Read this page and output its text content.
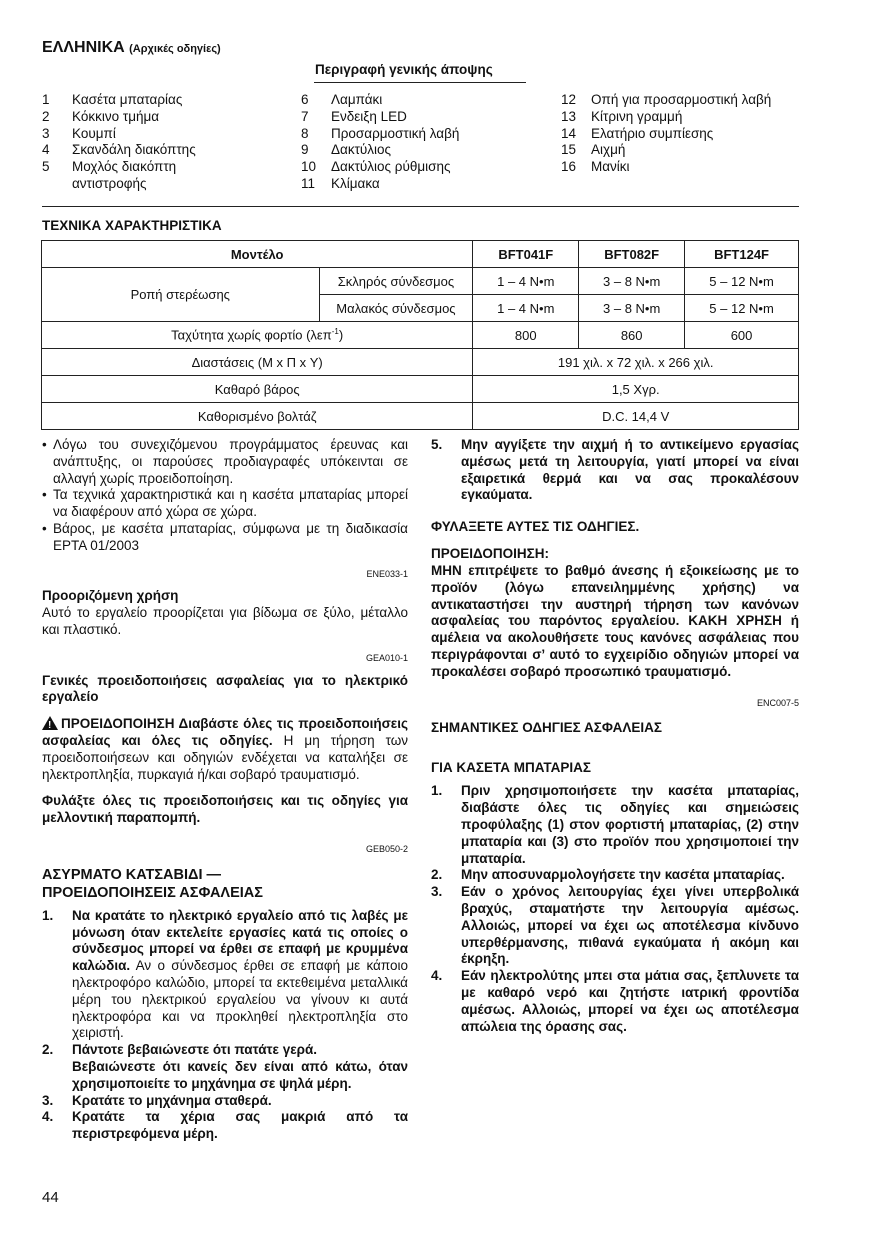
ΕΛΛΗΝΙΚΑ (Αρχικές οδηγίες)
Περιγραφή γενικής άποψης
1	Κασέτα μπαταρίας
2	Κόκκινο τμήμα
3	Κουμπί
4	Σκανδάλη διακόπτης
5	Μοχλός διακόπτη
αντιστροφής
6	Λαμπάκι
7	Ενδειξη LED
8	Προσαρμοστική λαβή
9	Δακτύλιος
10	Δακτύλιος ρύθμισης
11	Κλίμακα
12	Οπή για προσαρμοστική λαβή
13	Κίτρινη γραμμή
14	Ελατήριο συμπίεσης
15	Αιχμή
16	Μανίκι
ΤΕΧΝΙΚΑ ΧΑΡΑΚΤΗΡΙΣΤΙΚΑ
Μοντέλο		BFT041F	BFT082F	BFT124F
Ροπή στερέωσης	Σκληρός σύνδεσμος	1 – 4 N•m	3 – 8 N•m	5 – 12 N•m
	Μαλακός σύνδεσμος	1 – 4 N•m	3 – 8 N•m	5 – 12 N•m
Ταχύτητα χωρίς φορτίο (λεπ$^{-1}$)		800	860	600
Διαστάσεις (Μ x Π x Υ)		191 χιλ. x 72 χιλ. x 266 χιλ.		
Καθαρό βάρος		1,5 Χγρ.		
Καθορισμένο βολτάζ		D.C. 14,4 V		
• Λόγω του συνεχιζόμενου προγράμματος έρευνας και ανάπτυξης, οι παρούσες προδιαγραφές υπόκεινται σε αλλαγή χωρίς προειδοποίηση.
• Τα τεχνικά χαρακτηριστικά και η κασέτα μπαταρίας μπορεί να διαφέρουν από χώρα σε χώρα.
• Βάρος, με κασέτα μπαταρίας, σύμφωνα με τη διαδικασία EPTA 01/2003
ENE033-1
Προοριζόμενη χρήση
Αυτό το εργαλείο προορίζεται για βίδωμα σε ξύλο, μέταλλο και πλαστικό.
GEA010-1
Γενικές προειδοποιήσεις ασφαλείας για το ηλεκτρικό εργαλείο
!ΠΡΟΕΙΔΟΠΟΙΗΣΗ Διαβάστε όλες τις προειδοποιήσεις ασφαλείας και όλες τις οδηγίες. Η μη τήρηση των προειδοποιήσεων και οδηγιών ενδέχεται να καταλήξει σε ηλεκτροπληξία, πυρκαγιά ή/και σοβαρό τραυματισμό.
Φυλάξτε όλες τις προειδοποιήσεις και τις οδηγίες για μελλοντική παραπομπή.
GEB050-2
ΑΣΥΡΜΑΤΟ ΚΑΤΣΑΒΙΔΙ —
ΠΡΟΕΙΔΟΠΟΙΗΣΕΙΣ ΑΣΦΑΛΕΙΑΣ
1.	Να κρατάτε το ηλεκτρικό εργαλείο από τις λαβές με μόνωση όταν εκτελείτε εργασίες κατά τις οποίες ο σύνδεσμος μπορεί να έρθει σε επαφή με κρυμμένα καλώδια. Αν ο σύνδεσμος έρθει σε επαφή με κάποιο ηλεκτροφόρο καλώδιο, μπορεί τα εκτεθειμένα μεταλλικά μέρη του ηλεκτρικού εργαλείου να γίνουν κι αυτά ηλεκτροφόρα και να προκληθεί ηλεκτροπληξία στο χειριστή.
2.	Πάντοτε βεβαιώνεστε ότι πατάτε γερά.
Βεβαιώνεστε ότι κανείς δεν είναι από κάτω, όταν χρησιμοποιείτε το μηχάνημα σε ψηλά μέρη.
3.	Κρατάτε το μηχάνημα σταθερά.
4.	Κρατάτε τα χέρια σας μακριά από τα περιστρεφόμενα μέρη.
5.	Μην αγγίξετε την αιχμή ή το αντικείμενο εργασίας αμέσως μετά τη λειτουργία, γιατί μπορεί να είναι εξαιρετικά θερμά και να σας προκαλέσουν εγκαύματα.
ΦΥΛΑΞΕΤΕ ΑΥΤΕΣ ΤΙΣ ΟΔΗΓΙΕΣ.
ΠΡΟΕΙΔΟΠΟΙΗΣΗ:
ΜΗΝ επιτρέψετε το βαθμό άνεσης ή εξοικείωσης με το προϊόν (λόγω επανειλημμένης χρήσης) να αντικαταστήσει την αυστηρή τήρηση των κανόνων ασφαλείας του παρόντος εργαλείου. ΚΑΚΗ ΧΡΗΣΗ ή αμέλεια να ακολουθήσετε τους κανόνες ασφάλειας που περιγράφονται σ’ αυτό το εγχειρίδιο οδηγιών μπορεί να προκαλέσει σοβαρό προσωπικό τραυματισμό.
ENC007-5
ΣΗΜΑΝΤΙΚΕΣ ΟΔΗΓΙΕΣ ΑΣΦΑΛΕΙΑΣ
ΓΙΑ ΚΑΣΕΤΑ ΜΠΑΤΑΡΙΑΣ
1.	Πριν χρησιμοποιήσετε την κασέτα μπαταρίας, διαβάστε όλες τις οδηγίες και σημειώσεις προφύλαξης (1) στον φορτιστή μπαταρίας, (2) στην μπαταρία και (3) στο προϊόν που χρησιμοποιεί την μπαταρία.
2.	Μην αποσυναρμολογήσετε την κασέτα μπαταρίας.
3.	Εάν ο χρόνος λειτουργίας έχει γίνει υπερβολικά βραχύς, σταματήστε την λειτουργία αμέσως. Αλλοιώς, μπορεί να έχει ως αποτέλεσμα κίνδυνο υπερθέρμανσης, πιθανά εγκαύματα ή ακόμη και έκρηξη.
4.	Εάν ηλεκτρολύτης μπει στα μάτια σας, ξεπλυνετε τα με καθαρό νερό και ζητήστε ιατρική φροντίδα αμέσως. Αλλοιώς, μπορεί να έχει ως αποτέλεσμα απώλεια της όρασης σας.
44
